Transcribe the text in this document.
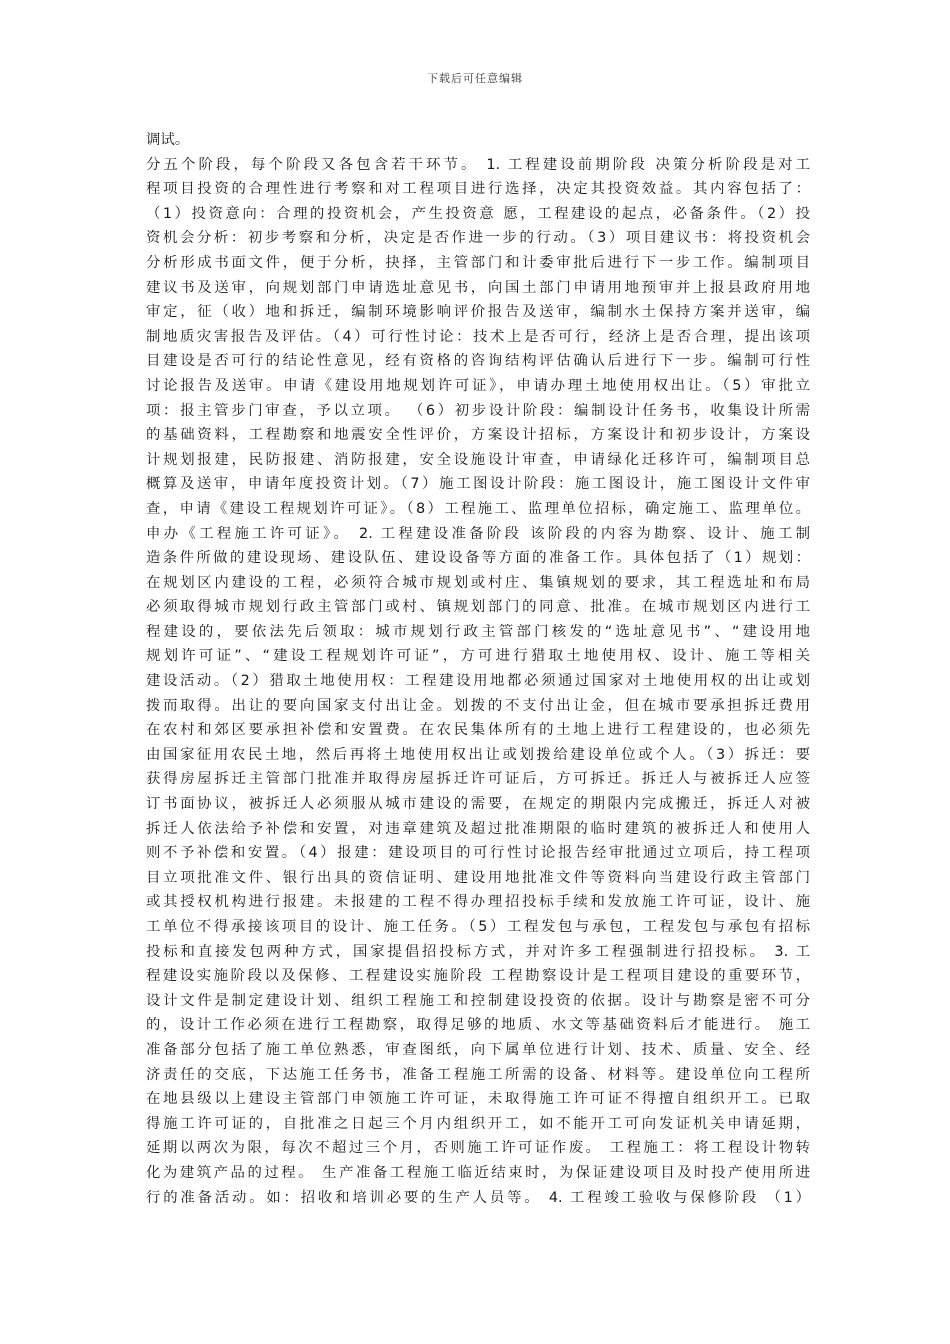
下载后可任意编辑
调试。
分五个阶段，每个阶段又各包含若干环节。 1. 工程建设前期阶段 决策分析阶段是对工
程项目投资的合理性进行考察和对工程项目进行选择，决定其投资效益。其内容包括了：
（1）投资意向：合理的投资机会，产生投资意 愿，工程建设的起点，必备条件。（2）投
资机会分析：初步考察和分析，决定是否作进一步的行动。（3）项目建议书：将投资机会
分析形成书面文件，便于分析，抉择，主管部门和计委审批后进行下一步工作。编制项目
建议书及送审，向规划部门申请选址意见书，向国土部门申请用地预审并上报县政府用地
审定，征（收）地和拆迁，编制环境影响评价报告及送审，编制水土保持方案并送审，编
制地质灾害报告及评估。（4）可行性讨论：技术上是否可行，经济上是否合理，提出该项
目建设是否可行的结论性意见，经有资格的咨询结构评估确认后进行下一步。编制可行性
讨论报告及送审。申请《建设用地规划许可证》，申请办理土地使用权出让。（5）审批立
项：报主管步门审查，予以立项。 （6）初步设计阶段：编制设计任务书，收集设计所需
的基础资料，工程勘察和地震安全性评价，方案设计招标，方案设计和初步设计，方案设
计规划报建，民防报建、消防报建，安全设施设计审查，申请绿化迁移许可，编制项目总
概算及送审，申请年度投资计划。（7）施工图设计阶段：施工图设计，施工图设计文件审
查，申请《建设工程规划许可证》。（8）工程施工、监理单位招标，确定施工、监理单位。
申办《工程施工许可证》。 2. 工程建设准备阶段 该阶段的内容为勘察、设计、施工制
造条件所做的建设现场、建设队伍、建设设备等方面的准备工作。具体包括了（1）规划：
在规划区内建设的工程，必须符合城市规划或村庄、集镇规划的要求，其工程选址和布局
必须取得城市规划行政主管部门或村、镇规划部门的同意、批准。在城市规划区内进行工
程建设的，要依法先后领取：城市规划行政主管部门核发的“选址意见书”、“建设用地
规划许可证”、“建设工程规划许可证”，方可进行猎取土地使用权、设计、施工等相关
建设活动。（2）猎取土地使用权：工程建设用地都必须通过国家对土地使用权的出让或划
拨而取得。出让的要向国家支付出让金。划拨的不支付出让金，但在城市要承担拆迁费用
在农村和郊区要承担补偿和安置费。在农民集体所有的土地上进行工程建设的，也必须先
由国家征用农民土地，然后再将土地使用权出让或划拨给建设单位或个人。（3）拆迁：要
获得房屋拆迁主管部门批准并取得房屋拆迁许可证后，方可拆迁。拆迁人与被拆迁人应签
订书面协议，被拆迁人必须服从城市建设的需要，在规定的期限内完成搬迁，拆迁人对被
拆迁人依法给予补偿和安置，对违章建筑及超过批准期限的临时建筑的被拆迁人和使用人
则不予补偿和安置。（4）报建：建设项目的可行性讨论报告经审批通过立项后，持工程项
目立项批准文件、银行出具的资信证明、建设用地批准文件等资料向当建设行政主管部门
或其授权机构进行报建。未报建的工程不得办理招投标手续和发放施工许可证，设计、施
工单位不得承接该项目的设计、施工任务。（5）工程发包与承包，工程发包与承包有招标
投标和直接发包两种方式，国家提倡招投标方式，并对许多工程强制进行招投标。 3. 工
程建设实施阶段以及保修、工程建设实施阶段 工程勘察设计是工程项目建设的重要环节，
设计文件是制定建设计划、组织工程施工和控制建设投资的依据。设计与勘察是密不可分
的，设计工作必须在进行工程勘察，取得足够的地质、水文等基础资料后才能进行。 施工
准备部分包括了施工单位熟悉，审查图纸，向下属单位进行计划、技术、质量、安全、经
济责任的交底，下达施工任务书，准备工程施工所需的设备、材料等。建设单位向工程所
在地县级以上建设主管部门申领施工许可证，未取得施工许可证不得擅自组织开工。已取
得施工许可证的，自批准之日起三个月内组织开工，如不能开工可向发证机关申请延期，
延期以两次为限，每次不超过三个月，否则施工许可证作废。 工程施工：将工程设计物转
化为建筑产品的过程。 生产准备工程施工临近结束时，为保证建设项目及时投产使用所进
行的准备活动。如：招收和培训必要的生产人员等。 4. 工程竣工验收与保修阶段 （1）
